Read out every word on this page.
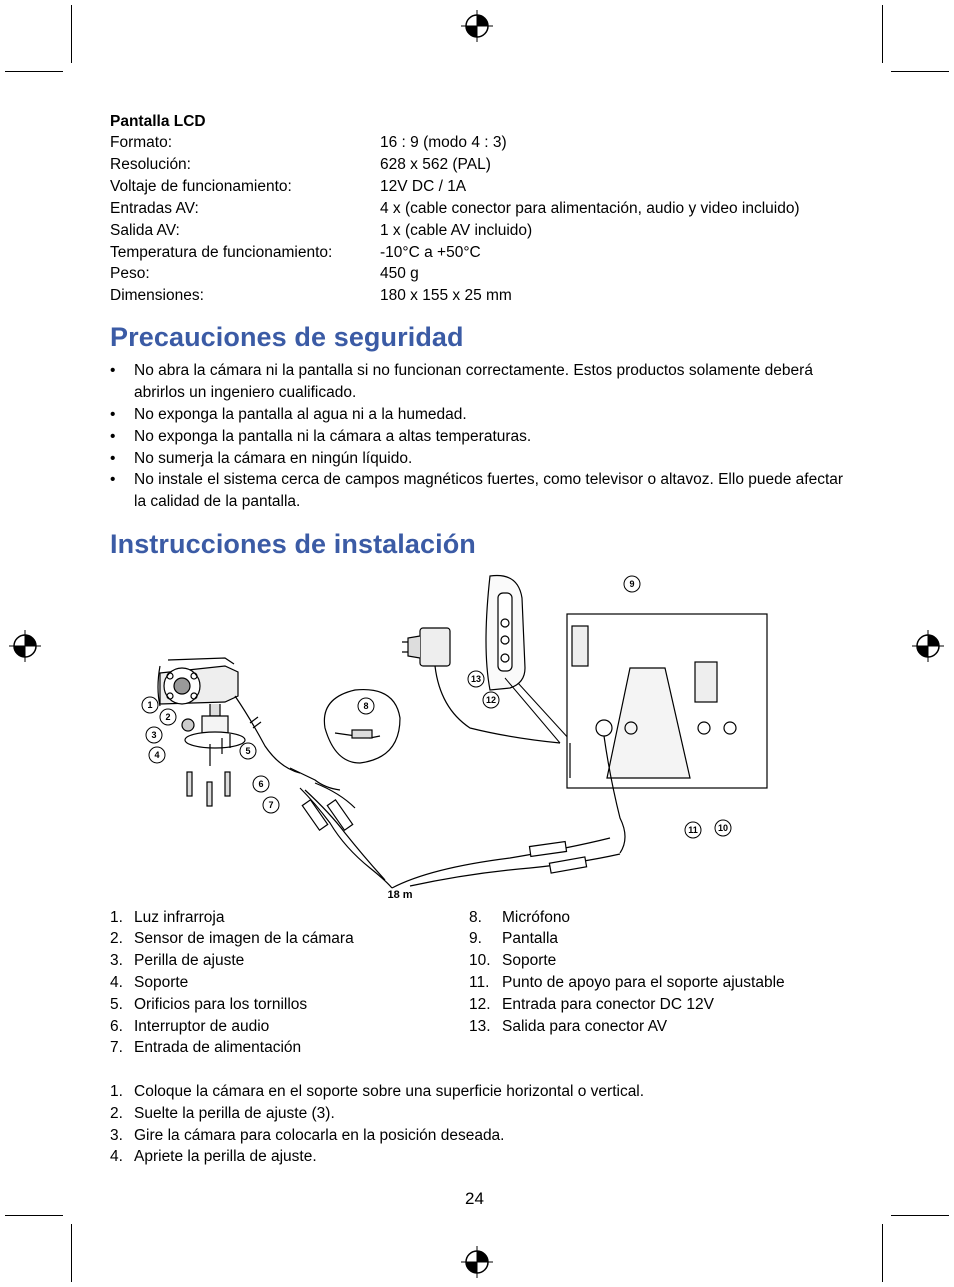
Pantalla LCD
Formato:	16 : 9 (modo 4 : 3)
Resolución:	628 x 562 (PAL)
Voltaje de funcionamiento:	12V DC / 1A
Entradas AV:	4 x (cable conector para alimentación, audio y video incluido)
Salida AV:	1 x (cable AV incluido)
Temperatura de funcionamiento:	-10°C a +50°C
Peso:	450 g
Dimensiones:	180 x 155 x 25 mm
Precauciones de seguridad
• No abra la cámara ni la pantalla si no funcionan correctamente. Estos productos solamente deberá abrirlos un ingeniero cualificado.
• No exponga la pantalla al agua ni a la humedad.
• No exponga la pantalla ni la cámara a altas temperaturas.
• No sumerja la cámara en ningún líquido.
• No instale el sistema cerca de campos magnéticos fuertes, como televisor o altavoz. Ello puede afectar la calidad de la pantalla.
Instrucciones de instalación
1
2
3
4	5
6
7
8
9
10
11
12
13
18 m
1. Luz infrarroja
2. Sensor de imagen de la cámara
3. Perilla de ajuste
4. Soporte
5. Orificios para los tornillos
6. Interruptor de audio
7. Entrada de alimentación
8. Micrófono
9. Pantalla
10. Soporte
11. Punto de apoyo para el soporte ajustable
12. Entrada para conector DC 12V
13. Salida para conector AV
1. Coloque la cámara en el soporte sobre una superficie horizontal o vertical.
2. Suelte la perilla de ajuste (3).
3. Gire la cámara para colocarla en la posición deseada.
4. Apriete la perilla de ajuste.
24
